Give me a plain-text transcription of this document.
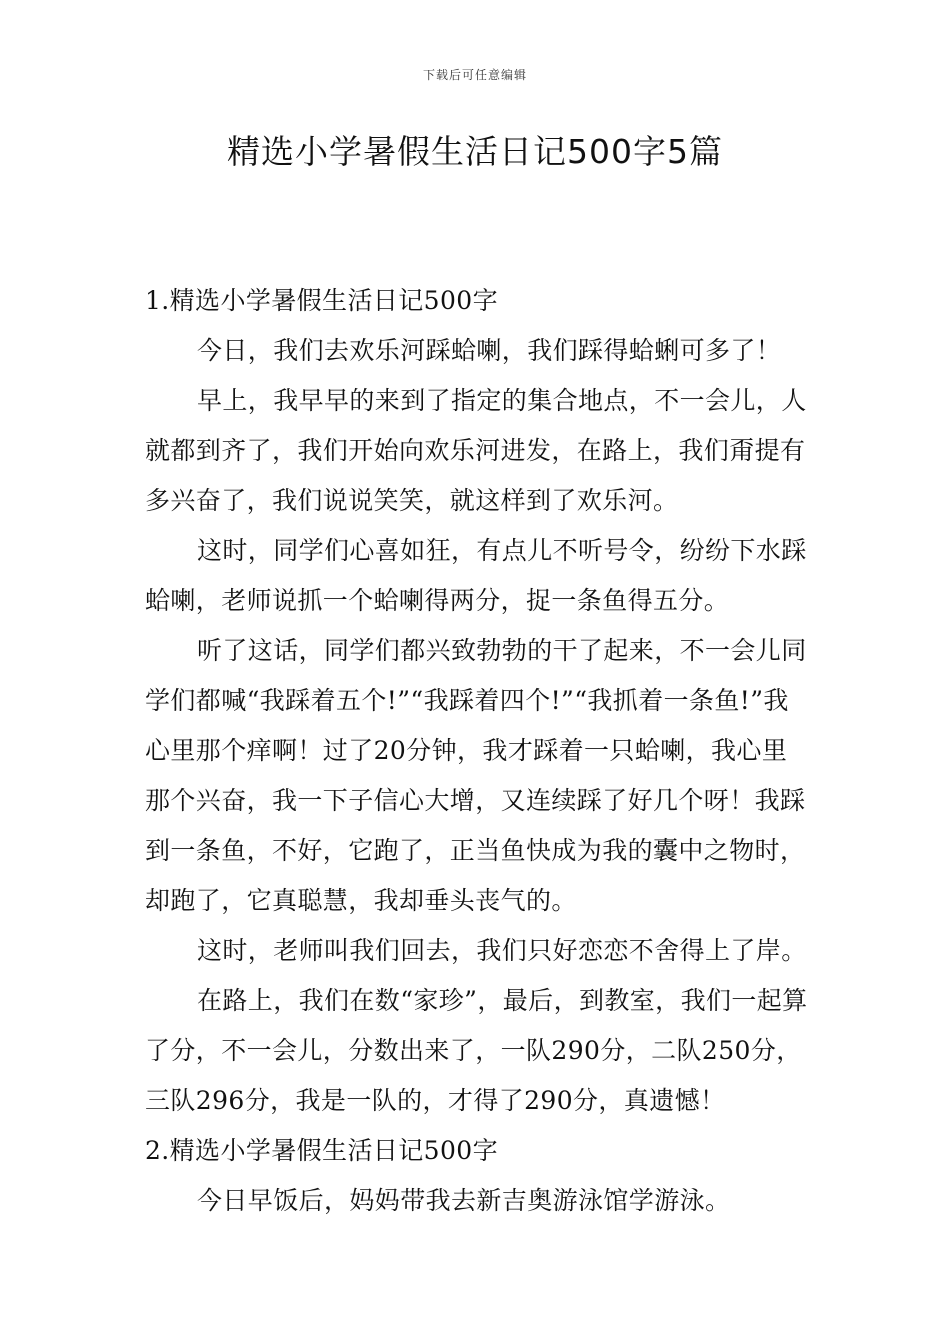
下载后可任意编辑
精选小学暑假生活日记500字5篇

1.精选小学暑假生活日记500字

今日，我们去欢乐河踩蛤喇，我们踩得蛤蜊可多了！

早上，我早早的来到了指定的集合地点，不一会儿，人就都到齐了，我们开始向欢乐河进发，在路上，我们甭提有多兴奋了，我们说说笑笑，就这样到了欢乐河。

这时，同学们心喜如狂，有点儿不听号令，纷纷下水踩蛤喇，老师说抓一个蛤喇得两分，捉一条鱼得五分。

听了这话，同学们都兴致勃勃的干了起来，不一会儿同学们都喊“我踩着五个!”“我踩着四个!”“我抓着一条鱼!”我心里那个痒啊！过了20分钟，我才踩着一只蛤喇，我心里那个兴奋，我一下子信心大增，又连续踩了好几个呀！我踩到一条鱼，不好，它跑了，正当鱼快成为我的囊中之物时，却跑了，它真聪慧，我却垂头丧气的。

这时，老师叫我们回去，我们只好恋恋不舍得上了岸。

在路上，我们在数“家珍”，最后，到教室，我们一起算了分，不一会儿，分数出来了，一队290分，二队250分，三队296分，我是一队的，才得了290分，真遗憾！

2.精选小学暑假生活日记500字

今日早饭后，妈妈带我去新吉奥游泳馆学游泳。
